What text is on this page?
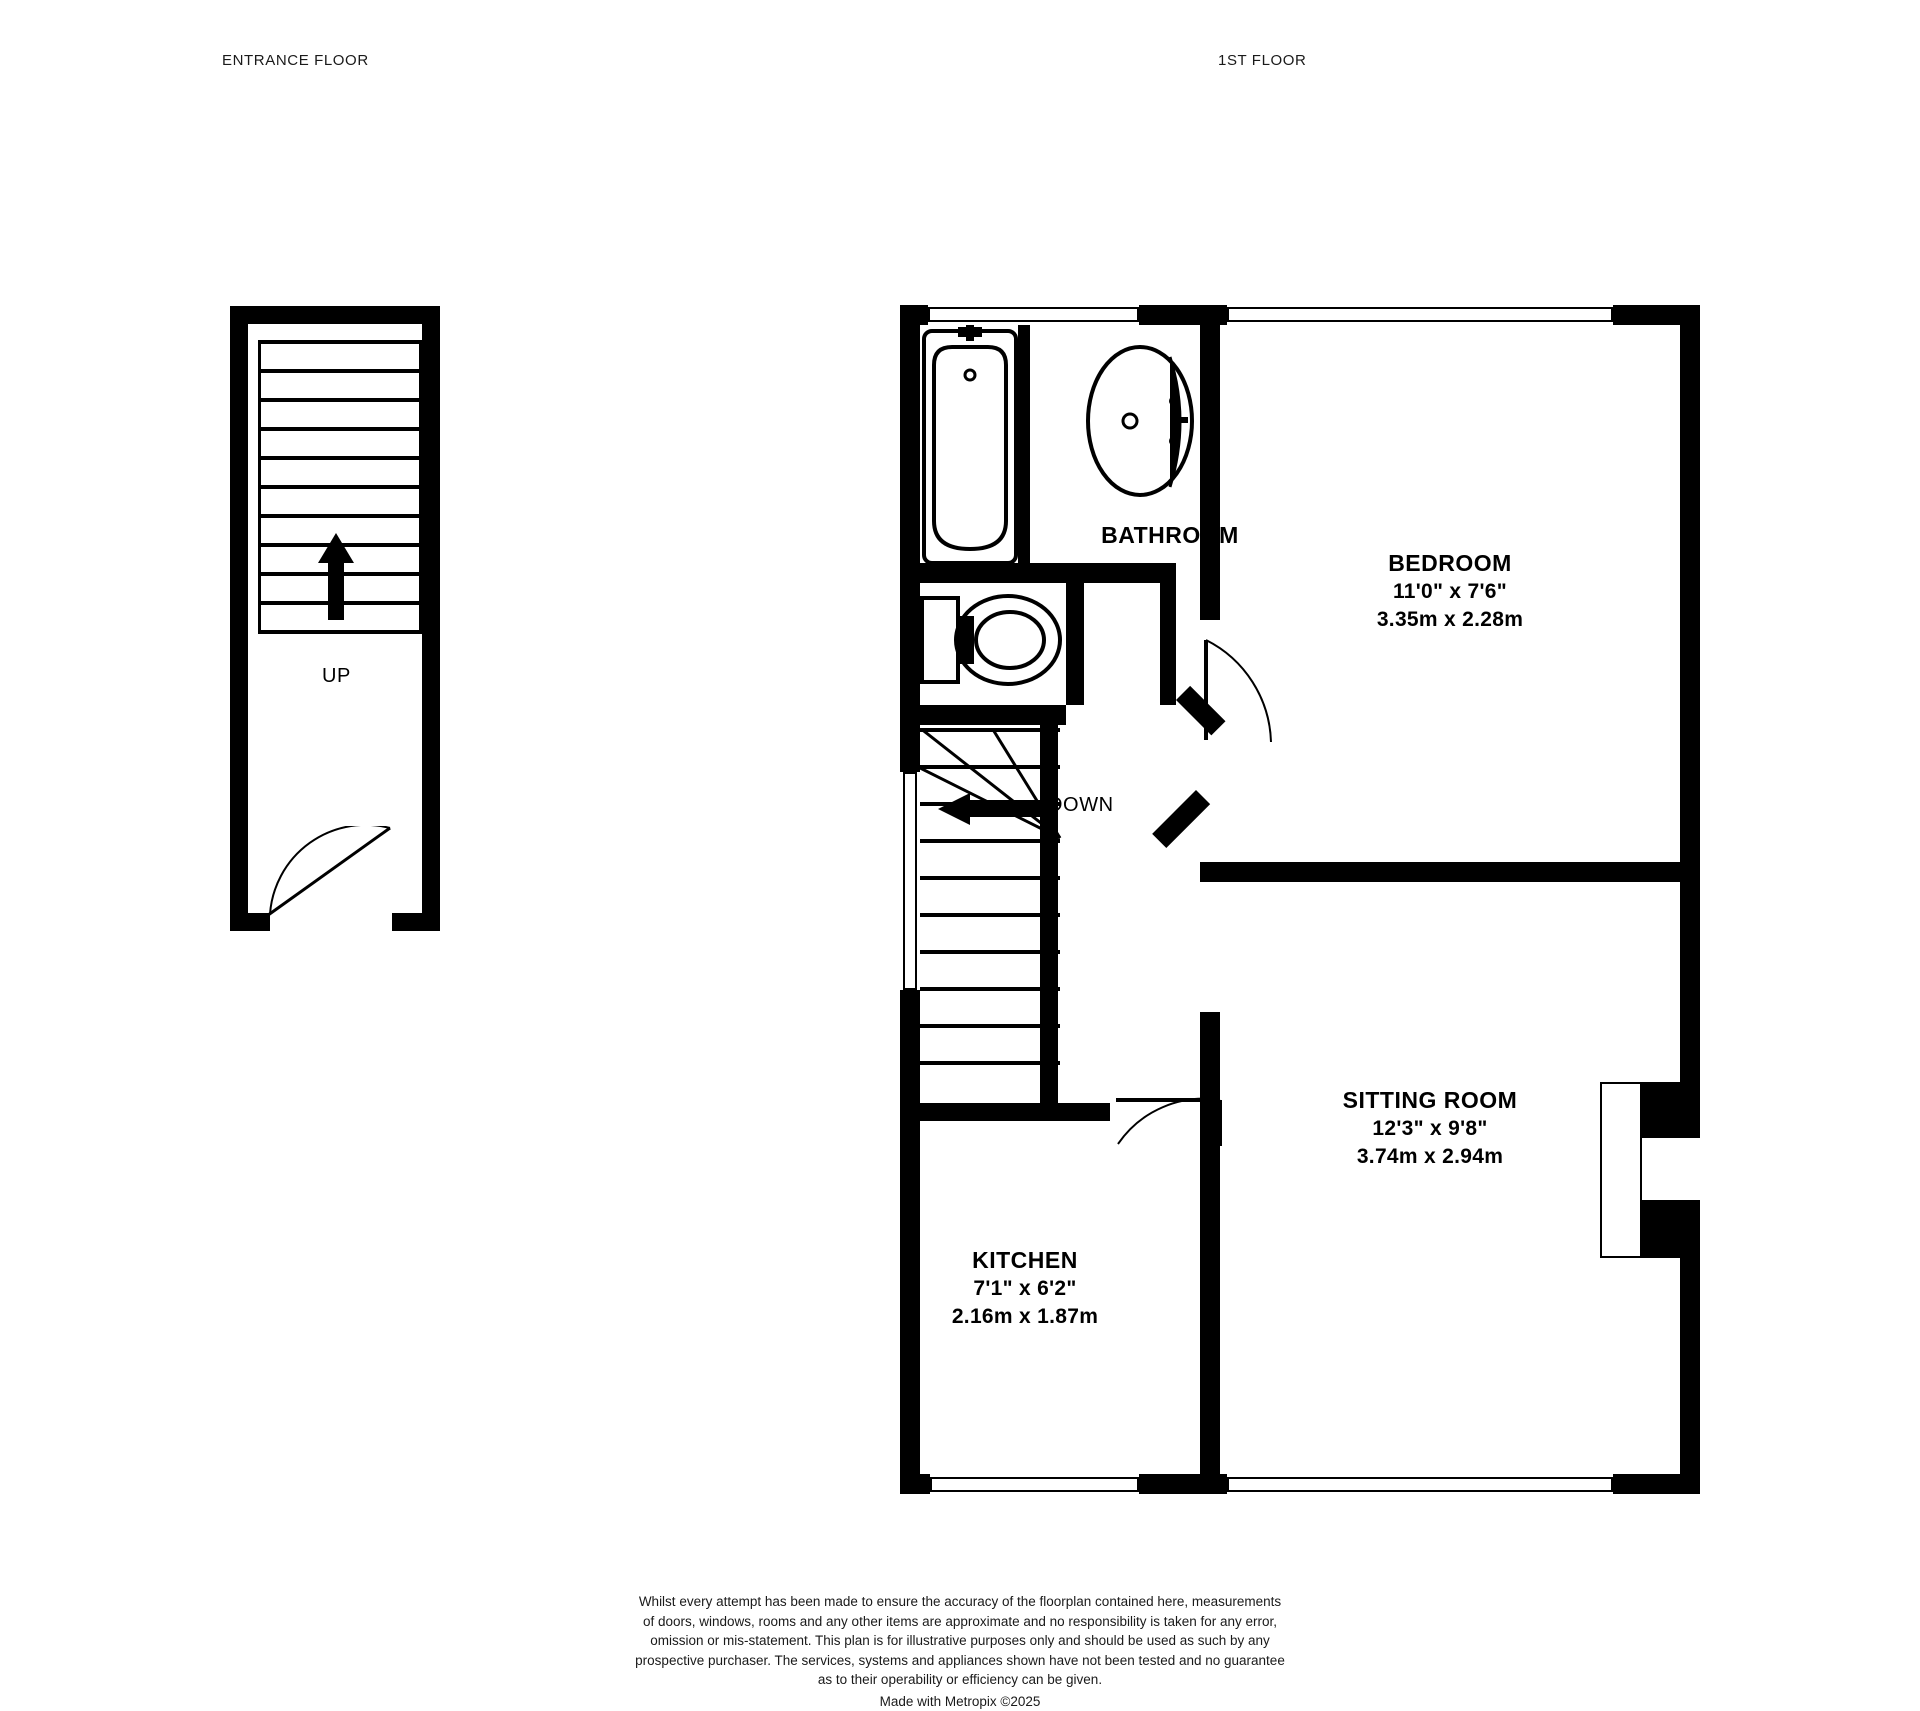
ENTRANCE FLOOR	1ST FLOOR
UP
DOWN
BATHROOM
BEDROOM
11'0" x 7'6"
3.35m x 2.28m
SITTING ROOM
12'3" x 9'8"
3.74m x 2.94m
KITCHEN
7'1" x 6'2"
2.16m x 1.87m
Whilst every attempt has been made to ensure the accuracy of the floorplan contained here, measurements
of doors, windows, rooms and any other items are approximate and no responsibility is taken for any error,
omission or mis-statement. This plan is for illustrative purposes only and should be used as such by any
prospective purchaser. The services, systems and appliances shown have not been tested and no guarantee
as to their operability or efficiency can be given.
Made with Metropix ©2025
